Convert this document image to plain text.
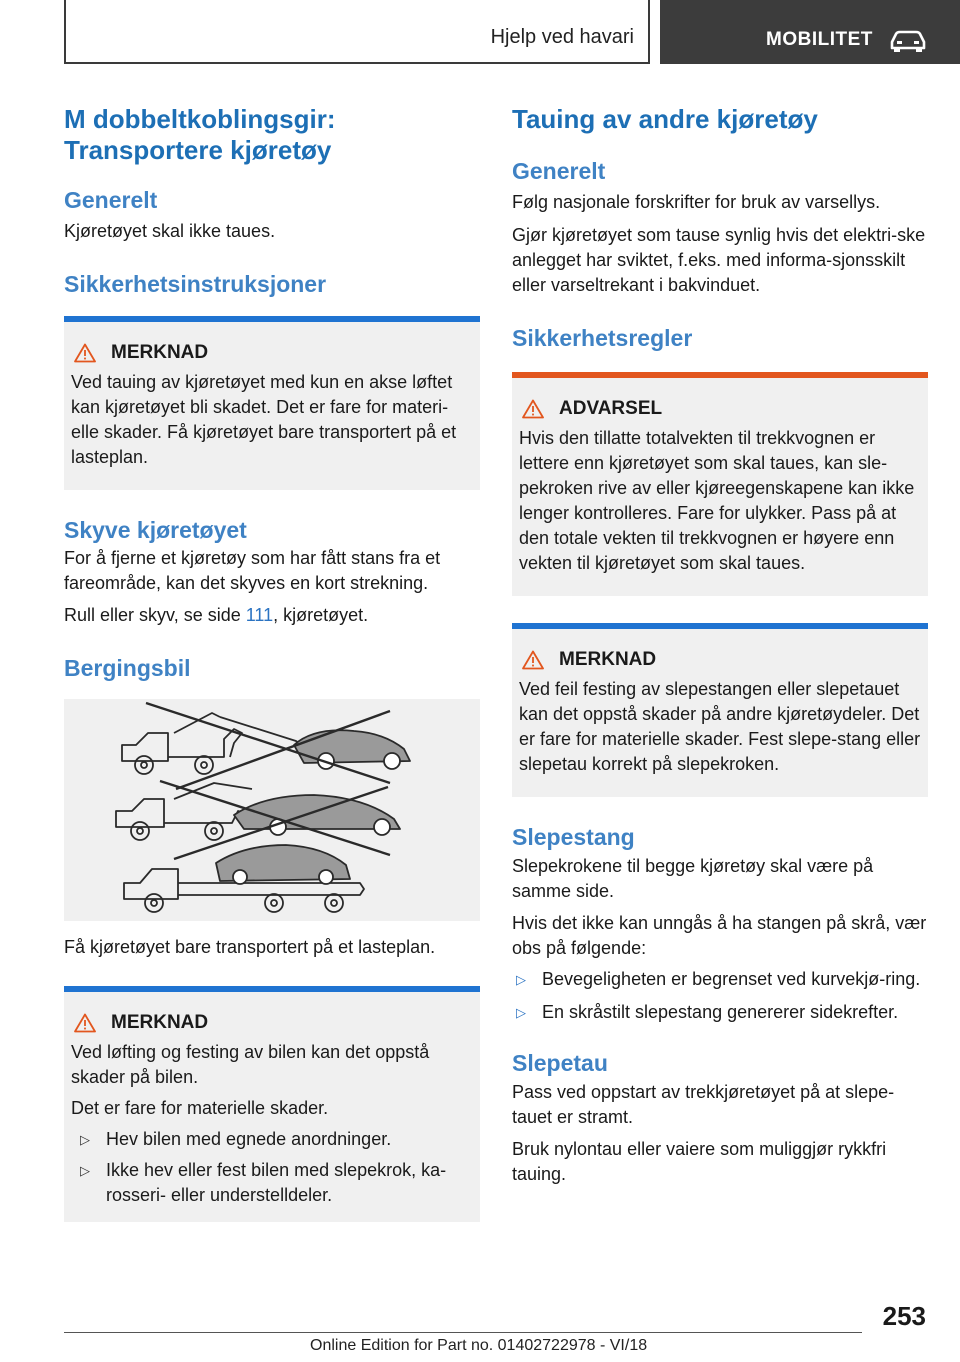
Hjelp ved havari	MOBILITET
M dobbeltkoblingsgir: Transportere kjøretøy
Generelt

Kjøretøyet skal ikke taues.

Sikkerhetsinstruksjoner
MERKNAD

Ved tauing av kjøretøyet med kun en akse løftet kan kjøretøyet bli skadet. Det er fare for materi-elle skader. Få kjøretøyet bare transportert på et lasteplan.

Skyve kjøretøyet

For å fjerne et kjøretøy som har fått stans fra et fareområde, kan det skyves en kort strekning.

Rull eller skyv, se side 111, kjøretøyet.

Bergingsbil

Få kjøretøyet bare transportert på et lasteplan.

MERKNAD

Ved løfting og festing av bilen kan det oppstå skader på bilen.

Det er fare for materielle skader.

▷ Hev bilen med egnede anordninger.
▷ Ikke hev eller fest bilen med slepekrok, ka-rosseri- eller understelldeler.
Tauing av andre kjøretøy
Generelt

Følg nasjonale forskrifter for bruk av varsellys.

Gjør kjøretøyet som tause synlig hvis det elektri-ske anlegget har sviktet, f.eks. med informa-sjonsskilt eller varseltrekant i bakvinduet.

Sikkerhetsregler
ADVARSEL

Hvis den tillatte totalvekten til trekkvognen er lettere enn kjøretøyet som skal taues, kan sle-pekroken rive av eller kjøreegenskapene kan ikke lenger kontrolleres. Fare for ulykker. Pass på at den totale vekten til trekkvognen er høyere enn vekten til kjøretøyet som skal taues.

MERKNAD

Ved feil festing av slepestangen eller slepetauet kan det oppstå skader på andre kjøretøydeler. Det er fare for materielle skader. Fest slepe-stang eller slepetau korrekt på slepekroken.

Slepestang

Slepekrokene til begge kjøretøy skal være på samme side.

Hvis det ikke kan unngås å ha stangen på skrå, vær obs på følgende:

▷ Bevegeligheten er begrenset ved kurvekjø-ring.
▷ En skråstilt slepestang genererer sidekrefter.
Slepetau

Pass ved oppstart av trekkjøretøyet på at slepe-tauet er stramt.

Bruk nylontau eller vaiere som muliggjør rykkfri tauing.

253
Online Edition for Part no. 01402722978 - VI/18
